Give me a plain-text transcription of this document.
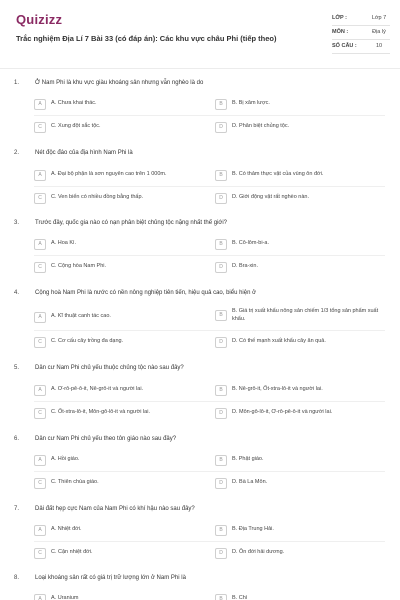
Quizizz
Trắc nghiệm Địa Lí 7 Bài 33 (có đáp án): Các khu vực châu Phi (tiếp theo)
LỚP :	Lớp 7
MÔN :	Địa lý
SỐ CÂU :	10
1.	Ở Nam Phi là khu vực giàu khoáng sản nhưng vẫn nghèo là do
A	A. Chưa khai thác.	B	B. Bị xâm lược.
C	C. Xung đột sắc tộc.	D	D. Phân biệt chủng tộc.
2.	Nét độc đáo của địa hình Nam Phi là
A	A. Đại bộ phận là sơn nguyên cao trên 1 000m.	B	B. Có thảm thực vật của vùng ôn đới.
C	C. Ven biển có nhiều đồng bằng thấp.	D	D. Giới động vật rất nghèo nàn.
3.	Trước đây, quốc gia nào có nạn phân biệt chủng tộc nặng nhất thế giới?
A	A. Hoa Kì.	B	B. Cô-lôm-bi-a.
C	C. Cộng hòa Nam Phi.	D	D. Bra-xin.
4.	Cộng hoà Nam Phi là nước có nền nông nghiệp tiên tiến, hiệu quả cao, biểu hiện ở
A	A. Kĩ thuật canh tác cao.	B
B. Giá trị xuất khẩu nông sản chiếm 1/3 tổng sản phẩm xuất khẩu.
C	C. Cơ cấu cây trồng đa dạng.	D	D. Có thế mạnh xuất khẩu cây ăn quả.
5.	Dân cư Nam Phi chủ yếu thuộc chủng tộc nào sau đây?
A	A. Ơ-rô-pê-ô-it, Nê-grô-it và người lai.	B	B. Nê-grô-it, Ốt-xtra-lô-it và người lai.
C	C. Ốt-xtra-lô-it, Môn-gô-lô-it và người lai.	D	D. Môn-gô-lô-it, Ơ-rô-pê-ô-it và người lai.
6.	Dân cư Nam Phi chủ yếu theo tôn giáo nào sau đây?
A	A. Hồi giáo.	B	B. Phật giáo.
C	C. Thiên chúa giáo.	D	D. Bà La Môn.
7.	Dải đất hẹp cực Nam của Nam Phi có khí hậu nào sau đây?
A	A. Nhiệt đới.	B	B. Địa Trung Hải.
C	C. Cận nhiệt đới.	D	D. Ôn đới hải dương.
8.	Loại khoáng sản rất có giá trị trữ lượng lớn ở Nam Phi là
A	A. Uranium	B	B. Chì
